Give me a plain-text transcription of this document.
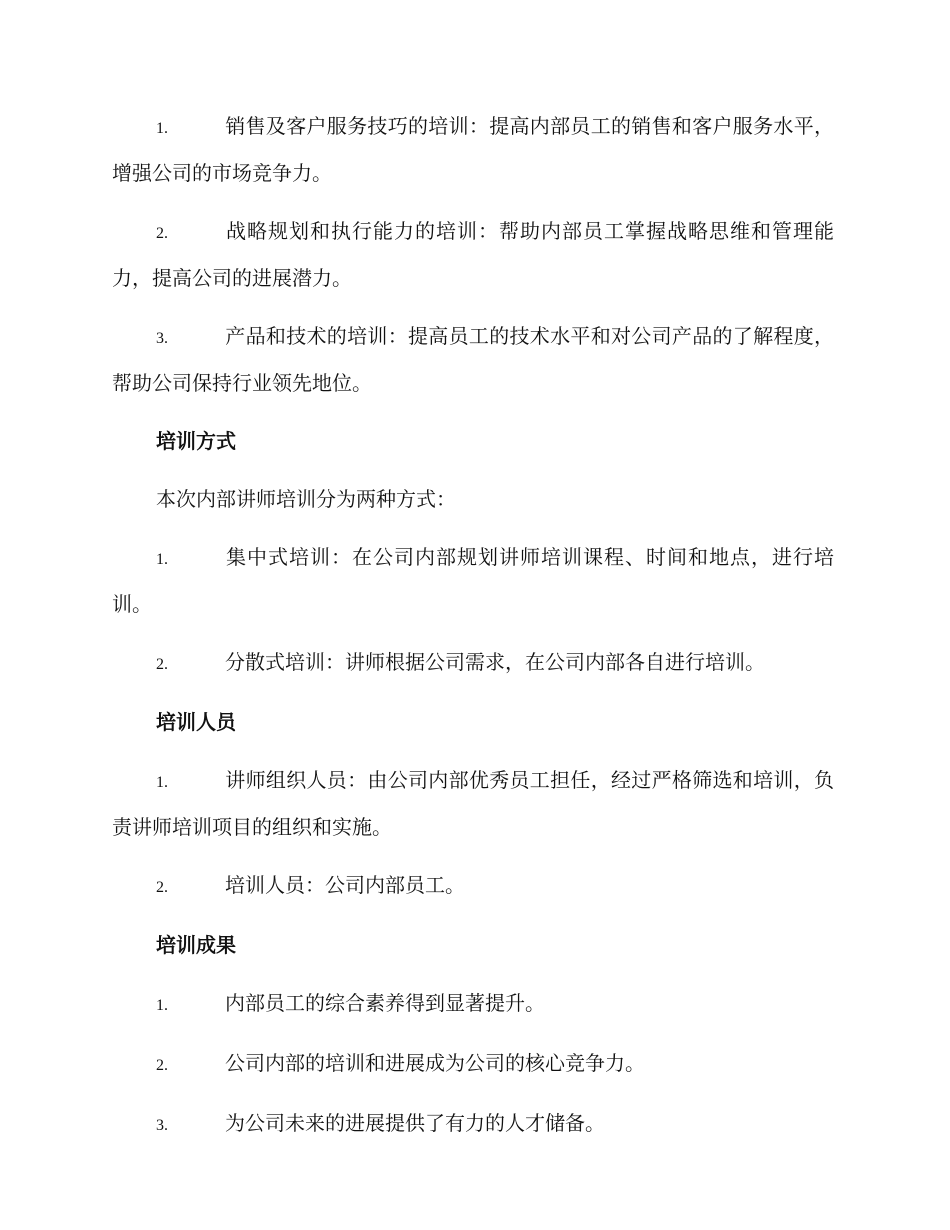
1.	销售及客户服务技巧的培训：提高内部员工的销售和客户服务水平，增强公司的市场竞争力。
2.	战略规划和执行能力的培训：帮助内部员工掌握战略思维和管理能力，提高公司的进展潜力。
3.	产品和技术的培训：提高员工的技术水平和对公司产品的了解程度，帮助公司保持行业领先地位。
培训方式
本次内部讲师培训分为两种方式：
1.	集中式培训：在公司内部规划讲师培训课程、时间和地点，进行培训。
2.	分散式培训：讲师根据公司需求，在公司内部各自进行培训。
培训人员
1.	讲师组织人员：由公司内部优秀员工担任，经过严格筛选和培训，负责讲师培训项目的组织和实施。
2.	培训人员：公司内部员工。
培训成果
1.	内部员工的综合素养得到显著提升。
2.	公司内部的培训和进展成为公司的核心竞争力。
3.	为公司未来的进展提供了有力的人才储备。
